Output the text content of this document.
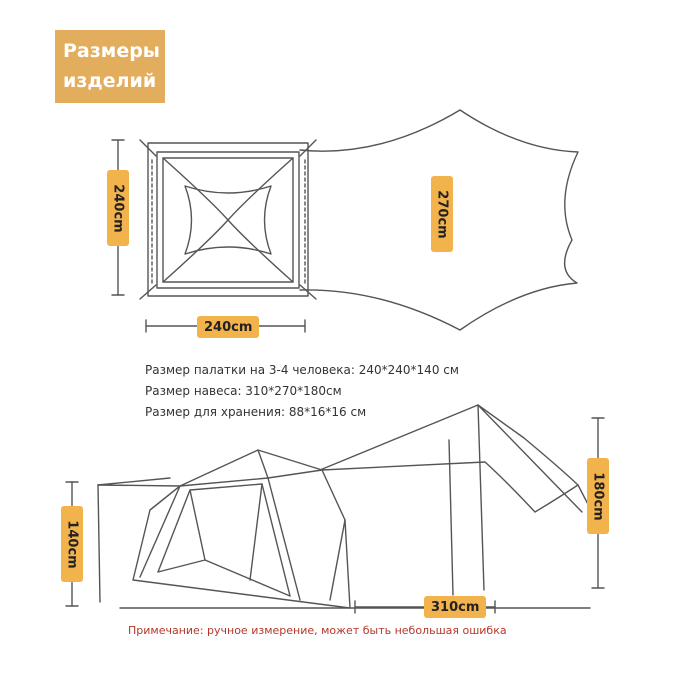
Размеры
изделий
240cm
240cm
270cm
140cm
180cm
310cm
Размер палатки на 3-4 человека: 240*240*140 см
Размер навеса: 310*270*180см
Размер для хранения: 88*16*16 см
Примечание: ручное измерение, может быть небольшая ошибка
